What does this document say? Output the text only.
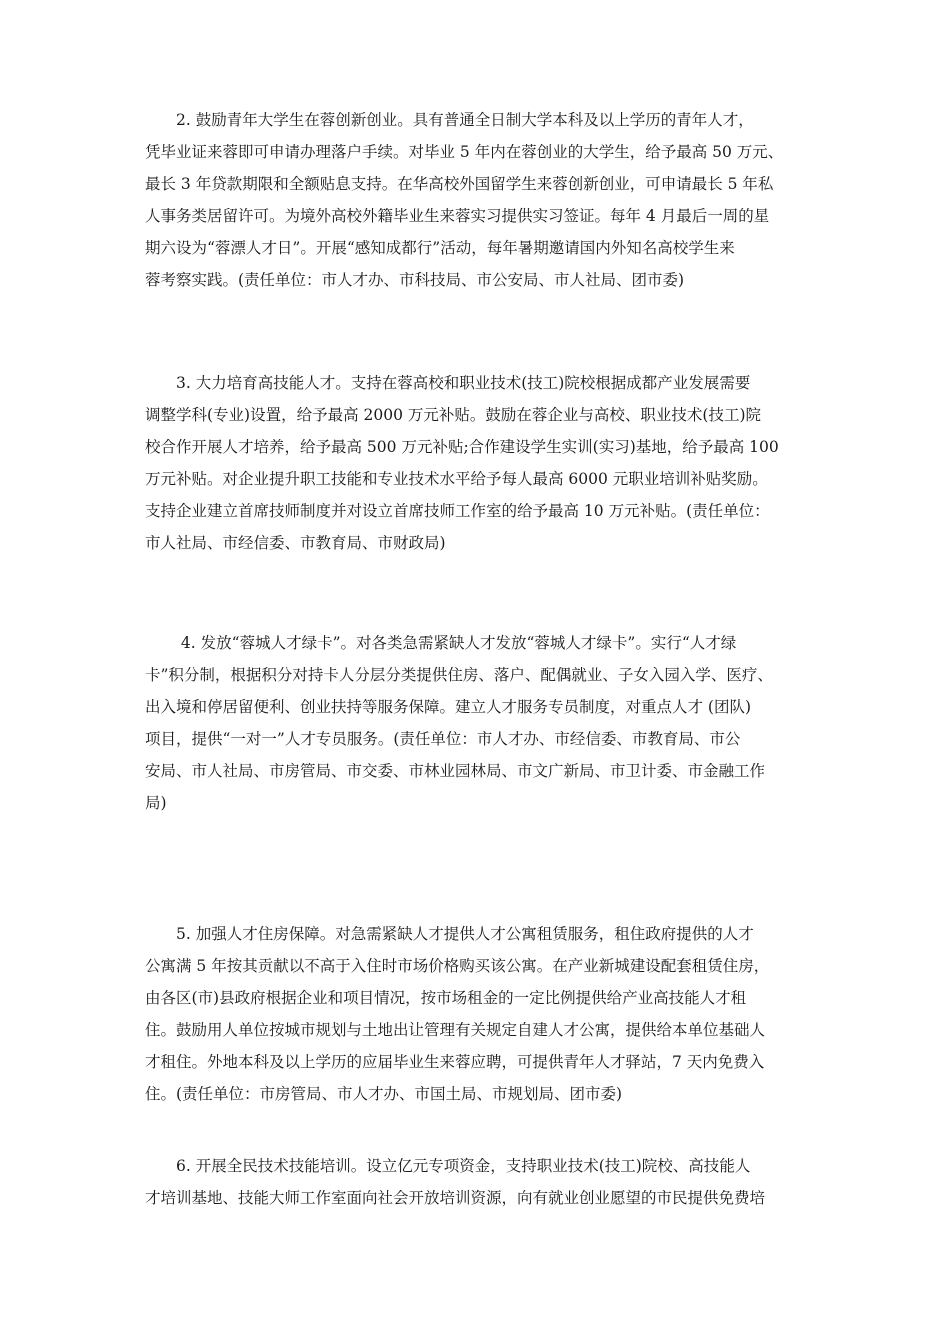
　　2. 鼓励青年大学生在蓉创新创业。具有普通全日制大学本科及以上学历的青年人才，
凭毕业证来蓉即可申请办理落户手续。对毕业 5 年内在蓉创业的大学生，给予最高 50 万元、
最长 3 年贷款期限和全额贴息支持。在华高校外国留学生来蓉创新创业，可申请最长 5 年私
人事务类居留许可。为境外高校外籍毕业生来蓉实习提供实习签证。每年 4 月最后一周的星
期六设为“蓉漂人才日”。开展“感知成都行”活动，每年暑期邀请国内外知名高校学生来
蓉考察实践。(责任单位：市人才办、市科技局、市公安局、市人社局、团市委)
　　3. 大力培育高技能人才。支持在蓉高校和职业技术(技工)院校根据成都产业发展需要
调整学科(专业)设置，给予最高 2000 万元补贴。鼓励在蓉企业与高校、职业技术(技工)院
校合作开展人才培养，给予最高 500 万元补贴;合作建设学生实训(实习)基地，给予最高 100
万元补贴。对企业提升职工技能和专业技术水平给予每人最高 6000 元职业培训补贴奖励。
支持企业建立首席技师制度并对设立首席技师工作室的给予最高 10 万元补贴。(责任单位：
市人社局、市经信委、市教育局、市财政局)
　　 4. 发放“蓉城人才绿卡”。对各类急需紧缺人才发放“蓉城人才绿卡”。实行“人才绿
卡”积分制，根据积分对持卡人分层分类提供住房、落户、配偶就业、子女入园入学、医疗、
出入境和停居留便利、创业扶持等服务保障。建立人才服务专员制度，对重点人才 (团队)
项目，提供“一对一”人才专员服务。(责任单位：市人才办、市经信委、市教育局、市公
安局、市人社局、市房管局、市交委、市林业园林局、市文广新局、市卫计委、市金融工作
局)
　　5. 加强人才住房保障。对急需紧缺人才提供人才公寓租赁服务，租住政府提供的人才
公寓满 5 年按其贡献以不高于入住时市场价格购买该公寓。在产业新城建设配套租赁住房，
由各区(市)县政府根据企业和项目情况，按市场租金的一定比例提供给产业高技能人才租
住。鼓励用人单位按城市规划与土地出让管理有关规定自建人才公寓，提供给本单位基础人
才租住。外地本科及以上学历的应届毕业生来蓉应聘，可提供青年人才驿站，7 天内免费入
住。(责任单位：市房管局、市人才办、市国土局、市规划局、团市委)
　　6. 开展全民技术技能培训。设立亿元专项资金，支持职业技术(技工)院校、高技能人
才培训基地、技能大师工作室面向社会开放培训资源，向有就业创业愿望的市民提供免费培
